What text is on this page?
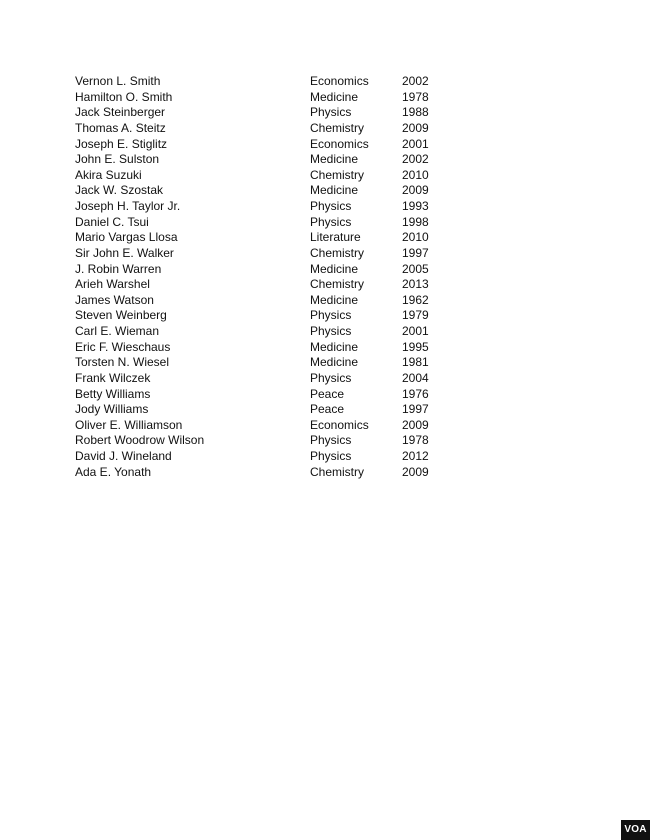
Vernon L. Smith	Economics	2002
Hamilton O. Smith	Medicine	1978
Jack Steinberger	Physics	1988
Thomas A. Steitz	Chemistry	2009
Joseph E. Stiglitz	Economics	2001
John E. Sulston	Medicine	2002
Akira Suzuki	Chemistry	2010
Jack W. Szostak	Medicine	2009
Joseph H. Taylor Jr.	Physics	1993
Daniel C. Tsui	Physics	1998
Mario Vargas Llosa	Literature	2010
Sir John E. Walker	Chemistry	1997
J. Robin Warren	Medicine	2005
Arieh Warshel	Chemistry	2013
James Watson	Medicine	1962
Steven Weinberg	Physics	1979
Carl E. Wieman	Physics	2001
Eric F. Wieschaus	Medicine	1995
Torsten N. Wiesel	Medicine	1981
Frank Wilczek	Physics	2004
Betty Williams	Peace	1976
Jody Williams	Peace	1997
Oliver E. Williamson	Economics	2009
Robert Woodrow Wilson	Physics	1978
David J. Wineland	Physics	2012
Ada E. Yonath	Chemistry	2009
VOA
